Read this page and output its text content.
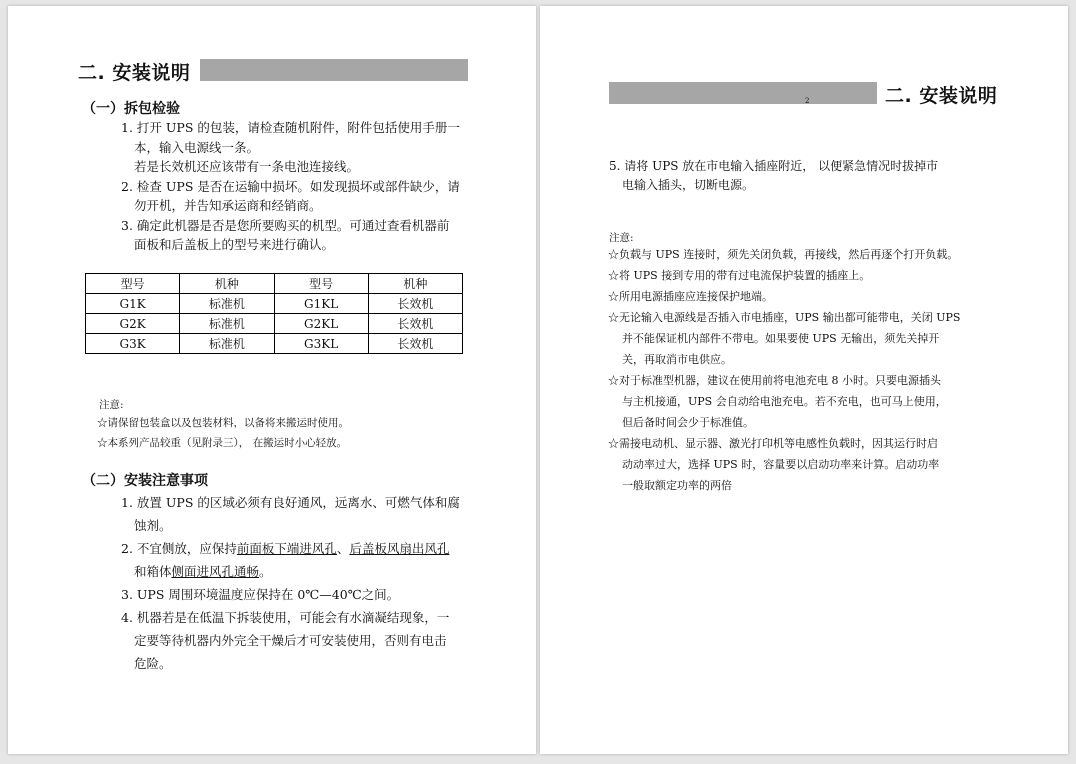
二. 安装说明
（一）拆包检验

1. 打开 UPS 的包装，请检查随机附件，附件包括使用手册一

本，输入电源线一条。

若是长效机还应该带有一条电池连接线。

2. 检查 UPS 是否在运输中损坏。如发现损坏或部件缺少，请

勿开机，并告知承运商和经销商。

3. 确定此机器是否是您所要购买的机型。可通过查看机器前

面板和后盖板上的型号来进行确认。

型号	机种	型号	机种
G1K	标准机	G1KL	长效机
G2K	标准机	G2KL	长效机
G3K	标准机	G3KL	长效机
注意:

☆请保留包装盒以及包装材料，以备将来搬运时使用。

☆本系列产品较重（见附录三）， 在搬运时小心轻放。

（二）安装注意事项

1. 放置 UPS 的区域必须有良好通风，远离水、可燃气体和腐

蚀剂。

2. 不宜侧放，应保持前面板下端进风孔、后盖板风扇出风孔

和箱体侧面进风孔通畅。

3. UPS 周围环境温度应保持在 0℃—40℃之间。

4. 机器若是在低温下拆装使用，可能会有水滴凝结现象，一

定要等待机器内外完全干燥后才可安装使用，否则有电击

危险。

2	二. 安装说明

5. 请将 UPS 放在市电输入插座附近， 以便紧急情况时拔掉市

电输入插头，切断电源。

注意:

☆负载与 UPS 连接时，须先关闭负载，再接线，然后再逐个打开负载。

☆将 UPS 接到专用的带有过电流保护装置的插座上。

☆所用电源插座应连接保护地端。

☆无论输入电源线是否插入市电插座，UPS 输出都可能带电，关闭 UPS

并不能保证机内部件不带电。如果要使 UPS 无输出，须先关掉开

关，再取消市电供应。

☆对于标准型机器，建议在使用前将电池充电 8 小时。只要电源插头

与主机接通，UPS 会自动给电池充电。若不充电，也可马上使用，

但后备时间会少于标准值。

☆需接电动机、显示器、激光打印机等电感性负载时，因其运行时启

动动率过大，选择 UPS 时，容量要以启动功率来计算。启动功率

一般取额定功率的两倍
